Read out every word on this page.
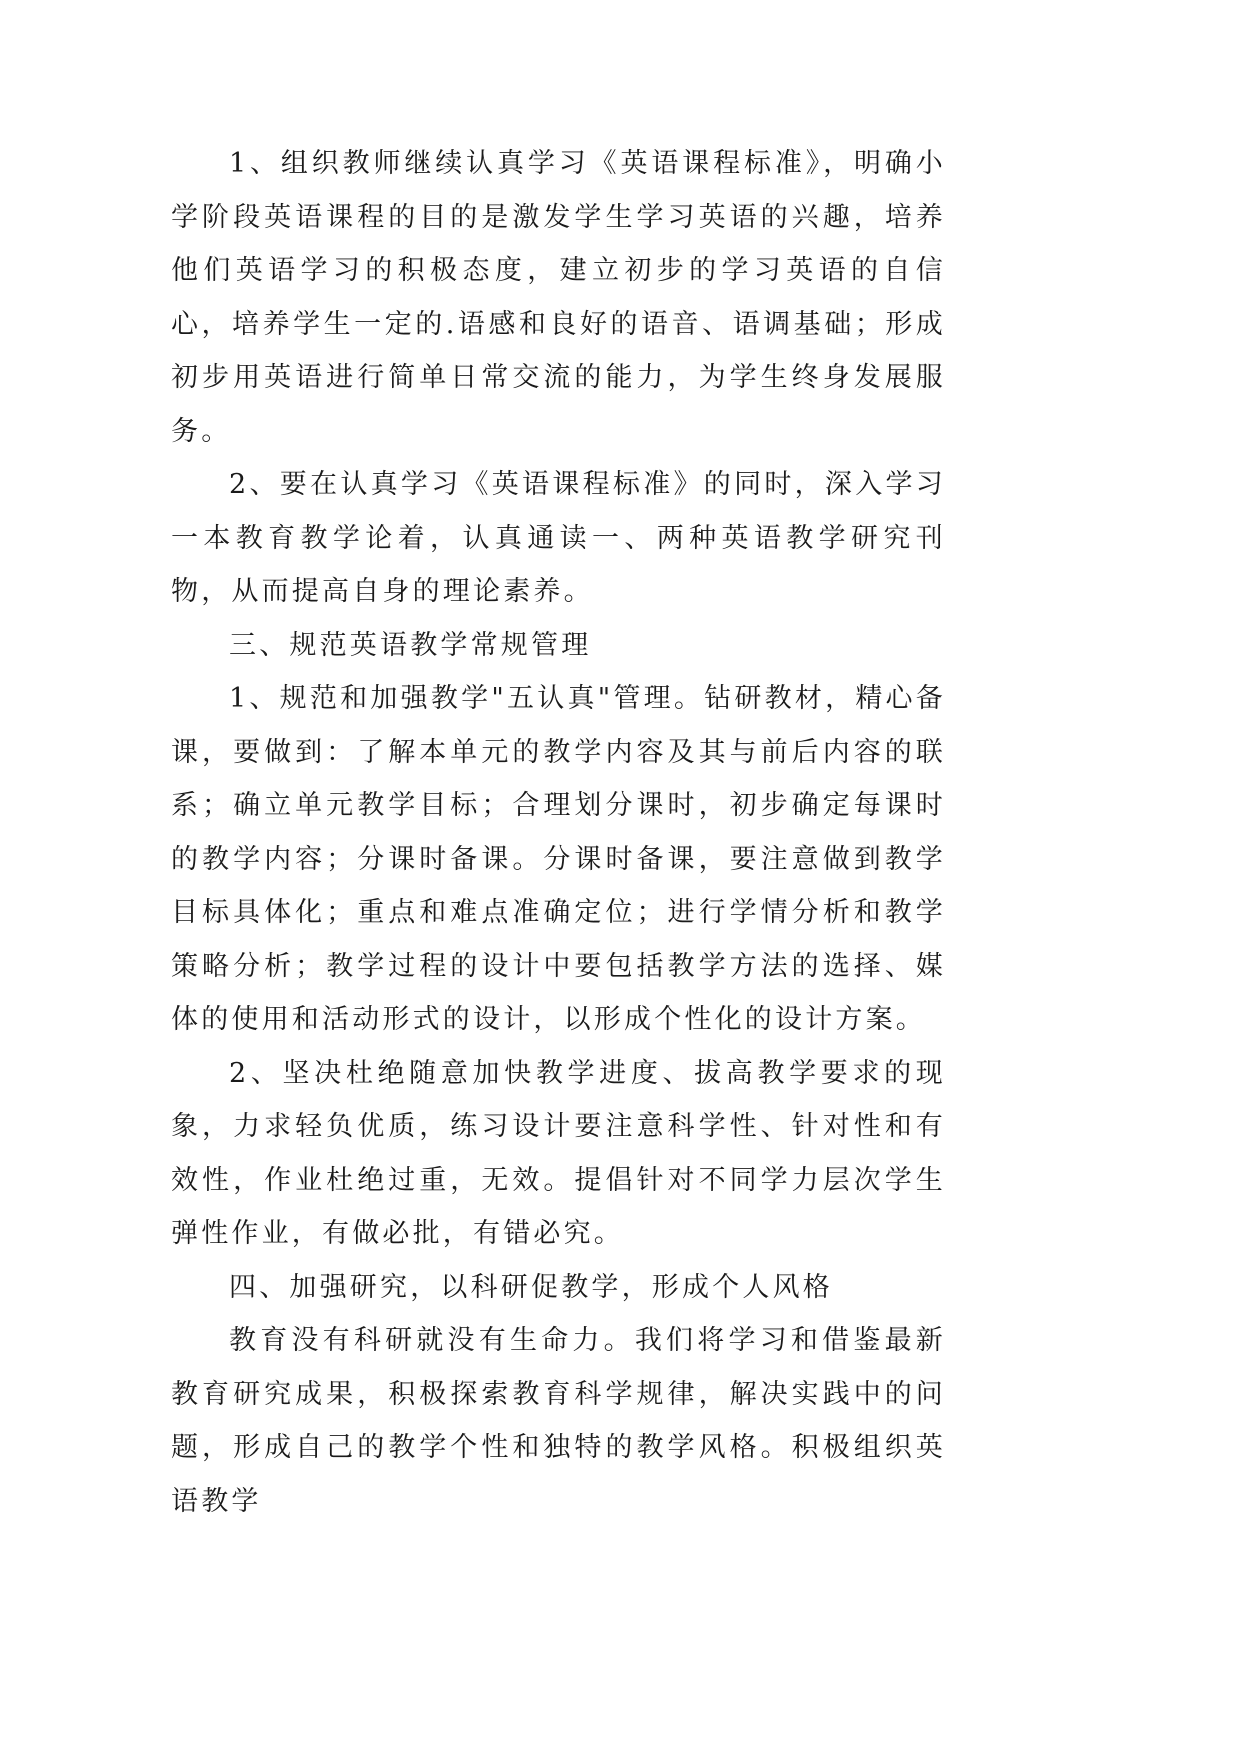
1、组织教师继续认真学习《英语课程标准》，明确小学阶段英语课程的目的是激发学生学习英语的兴趣，培养他们英语学习的积极态度，建立初步的学习英语的自信心，培养学生一定的.语感和良好的语音、语调基础；形成初步用英语进行简单日常交流的能力，为学生终身发展服务。

2、要在认真学习《英语课程标准》的同时，深入学习一本教育教学论着，认真通读一、两种英语教学研究刊物，从而提高自身的理论素养。

三、规范英语教学常规管理

1、规范和加强教学"五认真"管理。钻研教材，精心备课，要做到：了解本单元的教学内容及其与前后内容的联系；确立单元教学目标；合理划分课时，初步确定每课时的教学内容；分课时备课。分课时备课，要注意做到教学目标具体化；重点和难点准确定位；进行学情分析和教学策略分析；教学过程的设计中要包括教学方法的选择、媒体的使用和活动形式的设计，以形成个性化的设计方案。

2、坚决杜绝随意加快教学进度、拔高教学要求的现象，力求轻负优质，练习设计要注意科学性、针对性和有效性，作业杜绝过重，无效。提倡针对不同学力层次学生弹性作业，有做必批，有错必究。

四、加强研究，以科研促教学，形成个人风格

教育没有科研就没有生命力。我们将学习和借鉴最新教育研究成果，积极探索教育科学规律，解决实践中的问题，形成自己的教学个性和独特的教学风格。积极组织英语教学
